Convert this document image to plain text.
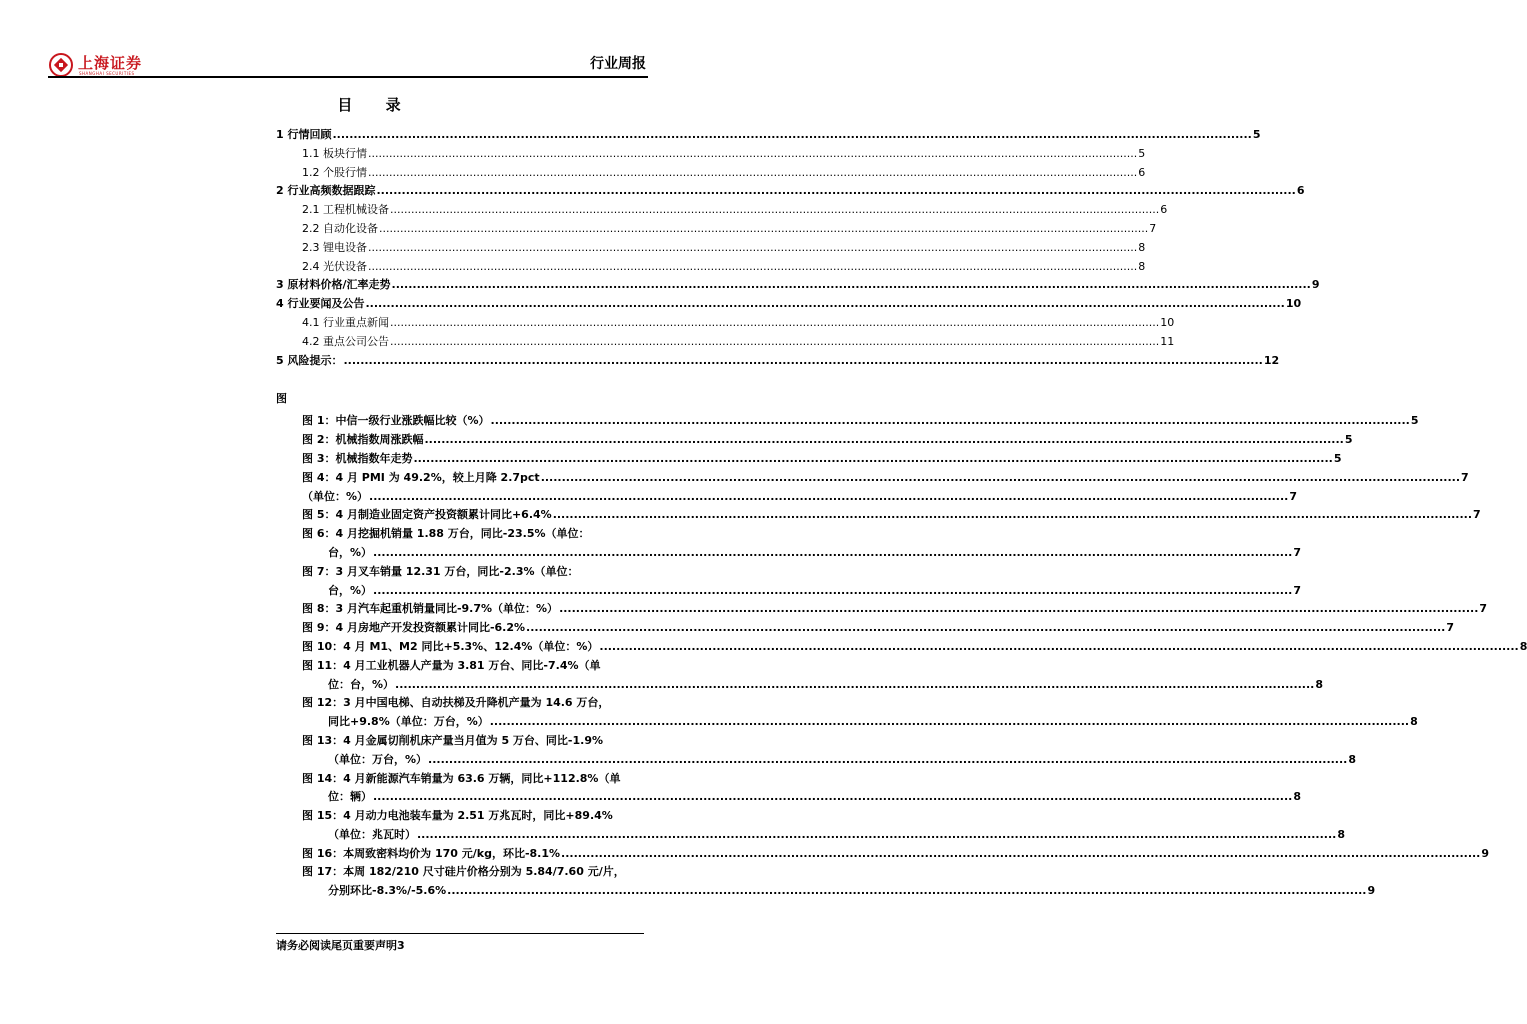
上海证券
SHANGHAI SECURITIES
行业周报
目 录
1 行情回顾 ............................................................................................................................................................................................................................ 5
1.1 板块行情 ............................................................................................................................................................................................................................ 5
1.2 个股行情 ............................................................................................................................................................................................................................ 6
2 行业高频数据跟踪 ............................................................................................................................................................................................................................ 6
2.1 工程机械设备 ............................................................................................................................................................................................................................ 6
2.2 自动化设备 ............................................................................................................................................................................................................................ 7
2.3 锂电设备 ............................................................................................................................................................................................................................ 8
2.4 光伏设备 ............................................................................................................................................................................................................................ 8
3 原材料价格/汇率走势 ............................................................................................................................................................................................................................ 9
4 行业要闻及公告 ............................................................................................................................................................................................................................ 10
4.1 行业重点新闻 ............................................................................................................................................................................................................................ 10
4.2 重点公司公告 ............................................................................................................................................................................................................................ 11
5 风险提示： ............................................................................................................................................................................................................................ 12
图
图 1：中信一级行业涨跌幅比较（%） ............................................................................................................................................................................................................................ 5
图 2：机械指数周涨跌幅 ............................................................................................................................................................................................................................ 5
图 3：机械指数年走势 ............................................................................................................................................................................................................................ 5
图 4：4 月 PMI 为 49.2%，较上月降 2.7pct ............................................................................................................................................................................................................................ 7
（单位：%） ............................................................................................................................................................................................................................ 7
图 5：4 月制造业固定资产投资额累计同比+6.4% ............................................................................................................................................................................................................................ 7
图 6：4 月挖掘机销量 1.88 万台，同比-23.5%（单位：
台，%） ............................................................................................................................................................................................................................ 7
图 7：3 月叉车销量 12.31 万台，同比-2.3%（单位：
台，%） ............................................................................................................................................................................................................................ 7
图 8：3 月汽车起重机销量同比-9.7%（单位：%） ............................................................................................................................................................................................................................ 7
图 9：4 月房地产开发投资额累计同比-6.2% ............................................................................................................................................................................................................................ 7
图 10：4 月 M1、M2 同比+5.3%、12.4%（单位：%） ............................................................................................................................................................................................................................ 8
图 11：4 月工业机器人产量为 3.81 万台、同比-7.4%（单
位：台，%） ............................................................................................................................................................................................................................ 8
图 12：3 月中国电梯、自动扶梯及升降机产量为 14.6 万台，
同比+9.8%（单位：万台，%） ............................................................................................................................................................................................................................ 8
图 13：4 月金属切削机床产量当月值为 5 万台、同比-1.9%
（单位：万台，%） ............................................................................................................................................................................................................................ 8
图 14：4 月新能源汽车销量为 63.6 万辆，同比+112.8%（单
位：辆） ............................................................................................................................................................................................................................ 8
图 15：4 月动力电池装车量为 2.51 万兆瓦时，同比+89.4%
（单位：兆瓦时） ............................................................................................................................................................................................................................ 8
图 16：本周致密料均价为 170 元/kg，环比-8.1% ............................................................................................................................................................................................................................ 9
图 17：本周 182/210 尺寸硅片价格分别为 5.84/7.60 元/片，
分别环比-8.3%/-5.6% ............................................................................................................................................................................................................................ 9
请务必阅读尾页重要声明3
